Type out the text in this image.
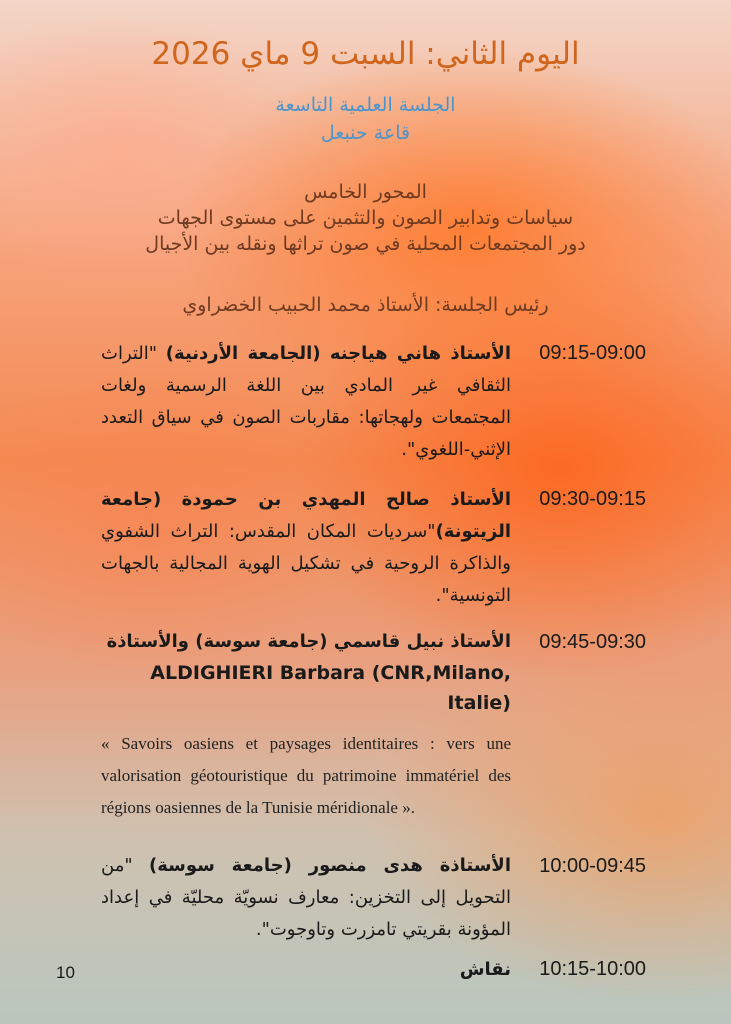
اليوم الثاني: السبت 9 ماي 2026
الجلسة العلمية التاسعة
قاعة حنبعل
المحور الخامس
سياسات وتدابير الصون والتثمين على مستوى الجهات
دور المجتمعات المحلية في صون تراثها ونقله بين الأجيال
رئيس الجلسة: الأستاذ محمد الحبيب الخضراوي
09:15-09:00
الأستاذ هاني هياجنه (الجامعة الأردنية) "التراث الثقافي غير المادي بين اللغة الرسمية ولغات المجتمعات ولهجاتها: مقاربات الصون في سياق التعدد الإثني-اللغوي".
09:30-09:15
الأستاذ صالح المهدي بن حمودة (جامعة الزيتونة)"سرديات المكان المقدس: التراث الشفوي والذاكرة الروحية في تشكيل الهوية المجالية بالجهات التونسية".
09:45-09:30
الأستاذ نبيل قاسمي (جامعة سوسة) والأستاذة
ALDIGHIERI Barbara (CNR,Milano, Italie)
« Savoirs oasiens et paysages identitaires : vers une valorisation géotouristique du patrimoine immatériel des régions oasiennes de la Tunisie méridionale ».
10:00-09:45
الأستاذة هدى منصور (جامعة سوسة) "من التحويل إلى التخزين: معارف نسويّة محليّة في إعداد المؤونة بقريتي تامزرت وتاوجوت".
10:15-10:00
نقاش
10
